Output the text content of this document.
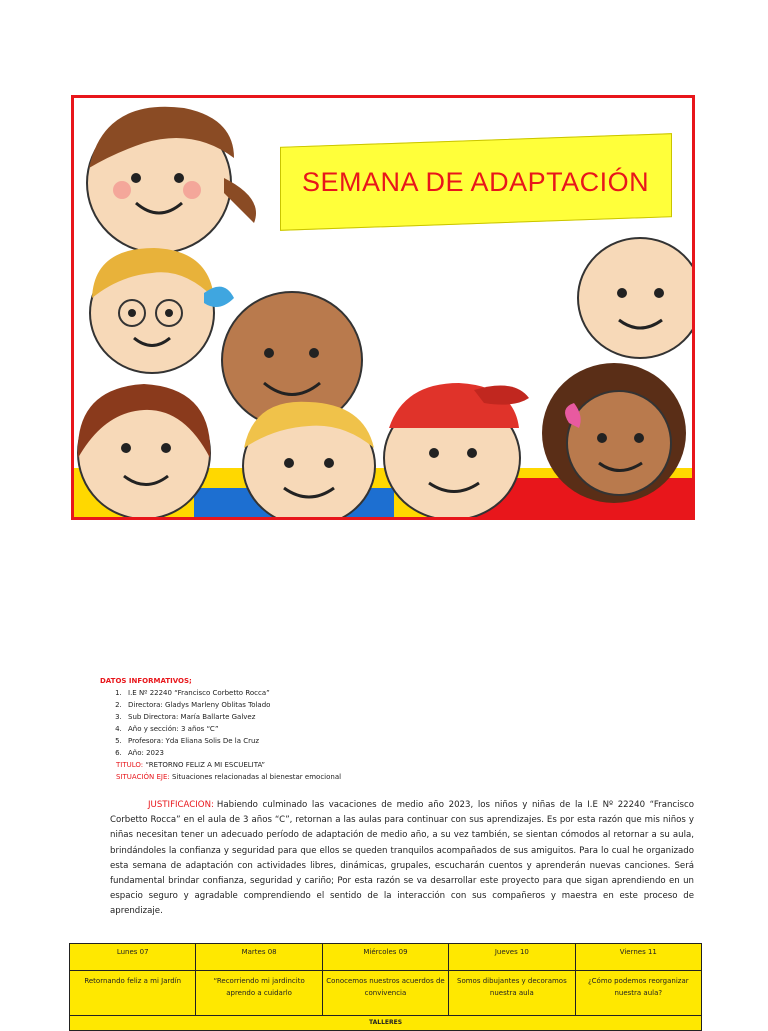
SEMANA DE ADAPTACIÓN
DATOS INFORMATIVOS;
1. I.E Nº 22240 “Francisco Corbetto Rocca”
2. Directora: Gladys Marleny Oblitas Tolado
3. Sub Directora: María Ballarte Galvez
4. Año y sección: 3 años “C”
5. Profesora: Yda Eliana Solis De la Cruz
6. Año: 2023
TITULO: “RETORNO FELIZ A MI ESCUELITA”
SITUACIÓN EJE: Situaciones relacionadas al bienestar emocional
JUSTIFICACION: Habiendo culminado las vacaciones de medio año 2023, los niños y niñas de la I.E Nº 22240 “Francisco Corbetto Rocca” en el aula de 3 años “C”, retornan a las aulas para continuar con sus aprendizajes. Es por esta razón que mis niños y niñas necesitan tener un adecuado período de adaptación de medio año, a su vez también, se sientan cómodos al retornar a su aula, brindándoles la confianza y seguridad para que ellos se queden tranquilos acompañados de sus amiguitos. Para lo cual he organizado esta semana de adaptación con actividades libres, dinámicas, grupales, escucharán cuentos y aprenderán nuevas canciones. Será fundamental brindar confianza, seguridad y cariño; Por esta razón se va desarrollar este proyecto para que sigan aprendiendo en un espacio seguro y agradable comprendiendo el sentido de la interacción con sus compañeros y maestra en este proceso de aprendizaje.
Lunes 07	Martes 08	Miércoles 09	Jueves 10	Viernes 11
Retornando feliz a mi Jardín	“Recorriendo mi jardincito aprendo a cuidarlo	Conocemos nuestros acuerdos de convivencia	Somos dibujantes y decoramos nuestra aula	¿Cómo podemos reorganizar nuestra aula?
TALLERES				
